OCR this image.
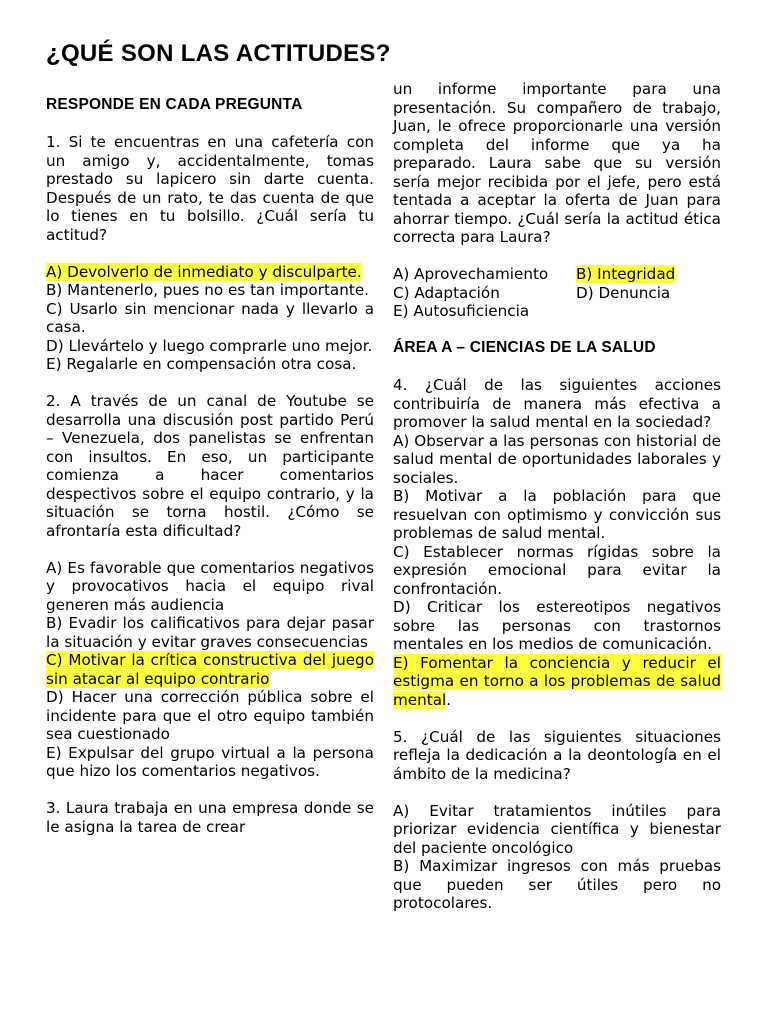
¿QUÉ SON LAS ACTITUDES?

RESPONDE EN CADA PREGUNTA

1. Si te encuentras en una cafetería con un amigo y, accidentalmente, tomas prestado su lapicero sin darte cuenta. Después de un rato, te das cuenta de que lo tienes en tu bolsillo. ¿Cuál sería tu actitud?

A) Devolverlo de inmediato y disculparte.
B) Mantenerlo, pues no es tan importante.
C) Usarlo sin mencionar nada y llevarlo a casa.
D) Llevártelo y luego comprarle uno mejor.
E) Regalarle en compensación otra cosa.

2. A través de un canal de Youtube se desarrolla una discusión post partido Perú – Venezuela, dos panelistas se enfrentan con insultos. En eso, un participante comienza a hacer comentarios despectivos sobre el equipo contrario, y la situación se torna hostil. ¿Cómo se afrontaría esta dificultad?

A) Es favorable que comentarios negativos y provocativos hacia el equipo rival generen más audiencia
B) Evadir los calificativos para dejar pasar la situación y evitar graves consecuencias
C) Motivar la crítica constructiva del juego sin atacar al equipo contrario
D) Hacer una corrección pública sobre el incidente para que el otro equipo también sea cuestionado
E) Expulsar del grupo virtual a la persona que hizo los comentarios negativos.

3. Laura trabaja en una empresa donde se le asigna la tarea de crear

un informe importante para una presentación. Su compañero de trabajo, Juan, le ofrece proporcionarle una versión completa del informe que ya ha preparado. Laura sabe que su versión sería mejor recibida por el jefe, pero está tentada a aceptar la oferta de Juan para ahorrar tiempo. ¿Cuál sería la actitud ética correcta para Laura?

A) Aprovechamiento	B) Integridad
C) Adaptación	D) Denuncia
E) Autosuficiencia

ÁREA A – CIENCIAS DE LA SALUD

4. ¿Cuál de las siguientes acciones contribuiría de manera más efectiva a promover la salud mental en la sociedad?

A) Observar a las personas con historial de salud mental de oportunidades laborales y sociales.
B) Motivar a la población para que resuelvan con optimismo y convicción sus problemas de salud mental.
C) Establecer normas rígidas sobre la expresión emocional para evitar la confrontación.
D) Criticar los estereotipos negativos sobre las personas con trastornos mentales en los medios de comunicación.
E) Fomentar la conciencia y reducir el estigma en torno a los problemas de salud mental.

5. ¿Cuál de las siguientes situaciones refleja la dedicación a la deontología en el ámbito de la medicina?

A) Evitar tratamientos inútiles para priorizar evidencia científica y bienestar del paciente oncológico
B) Maximizar ingresos con más pruebas que pueden ser útiles pero no protocolares.
